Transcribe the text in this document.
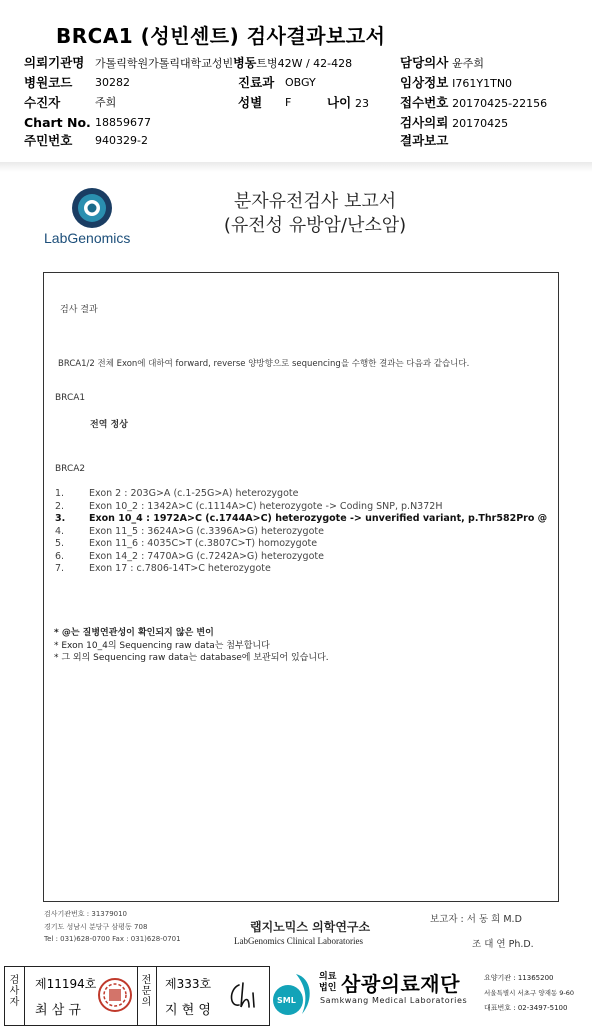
BRCA1 (성빈센트) 검사결과보고서
의뢰기관명 가톨릭학원가톨릭대학교성빈병동트병42W / 42-428	담당의사 윤주희
병원코드 30282	진료과 OBGY	임상정보 I761Y1TN0
수진자	주희	성별 F	나이 23 접수번호 20170425-22156
Chart No. 18859677	검사의뢰 20170425
주민번호 940329-2	결과보고
LabGenomics
분자유전검사 보고서
(유전성 유방암/난소암)
검사 결과
BRCA1/2 전체 Exon에 대하여 forward, reverse 양방향으로 sequencing을 수행한 결과는 다음과 같습니다.
BRCA1
전역 정상
BRCA2
1.	Exon 2 : 203G>A (c.1-25G>A) heterozygote
2.	Exon 10_2 : 1342A>C (c.1114A>C) heterozygote -> Coding SNP, p.N372H
3.	Exon 10_4 : 1972A>C (c.1744A>C) heterozygote -> unverified variant, p.Thr582Pro @
4.	Exon 11_5 : 3624A>G (c.3396A>G) heterozygote
5.	Exon 11_6 : 4035C>T (c.3807C>T) homozygote
6.	Exon 14_2 : 7470A>G (c.7242A>G) heterozygote
7.	Exon 17 : c.7806-14T>C heterozygote
* @는 질병연관성이 확인되지 않은 변이
* Exon 10_4의 Sequencing raw data는 첨부합니다
* 그 외의 Sequencing raw data는 database에 보관되어 있습니다.
검사기관번호 : 31379010
경기도 성남시 분당구 삼평동 708
Tel : 031)628-0700 Fax : 031)628-0701
랩지노믹스 의학연구소
LabGenomics Clinical Laboratories
보고자 : 서 동 희 M.D
조 대 연 Ph.D.
검사자
제11194호
최 삼 규
전문의
제333호
지 현 영
SML
의료
법인 삼광의료재단
Samkwang Medical Laboratories
요양기관 : 11365200
서울특별시 서초구 양재동 9-60
대표번호 : 02-3497-5100
